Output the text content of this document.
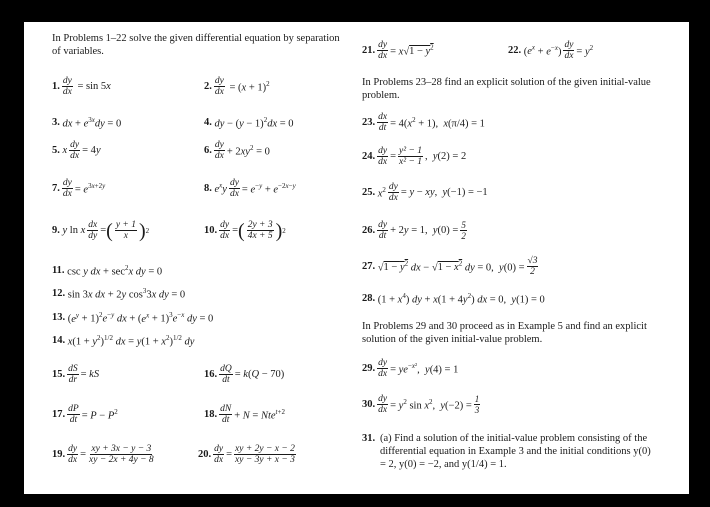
In Problems 1–22 solve the given differential equation by separation of variables.
1. $\frac{dy}{dx} = \sin 5x$	2. $\frac{dy}{dx} = (x + 1)^2$
3. dx + $e^{3x}dy = 0$	4. dy − $(y - 1)^2dx = 0$
5. x $\frac{dy}{dx} = 4y$	6. $\frac{dy}{dx} + 2xy^2 = 0$
7. $\frac{dy}{dx} = e^{3x+2y}$	8. $e^xy \frac{dy}{dx} = e^{-y} + e^{-2x-y}$
9. y ln x $\frac{dx}{dy}$ = ( $\frac{y + 1}{x}$ ) 2	10. $\frac{dy}{dx}$ = ( $\frac{2y + 3}{4x + 5}$ ) 2
11. csc y dx + $\sec^2x$ dy = 0
12. sin 3x dx + 2y $\cos^33x$ dy = 0
13. $(e^y + 1)^2e^{-y}$ dx + $(e^x + 1)^3e^{-x}$ dy = 0
14. $x(1 + y^2)^{1/2}$ dx = $y(1 + x^2)^{1/2}$ dy
15. $\frac{dS}{dr}$ = kS	16. $\frac{dQ}{dt} = k(Q - 70)$
17. $\frac{dP}{dt} = P - P^2$	18. $\frac{dN}{dt} + N = Nte^{t+2}$
19. $\frac{dy}{dx} = \frac{xy + 3x - y - 3}{xy - 2x + 4y - 8}$	20. $\frac{dy}{dx} = \frac{xy + 2y - x - 2}{xy - 3y + x - 3}$
21. $\frac{dy}{dx} = x√1 - y^2$	22. $(e^x + e^{-x}) \frac{dy}{dx} = y^2$
In Problems 23–28 find an explicit solution of the given initial-value problem.
23. $\frac{dx}{dt} = 4(x^2 + 1)$,  x(π/4) = 1
24. $\frac{dy}{dx} = \frac{\text{y² − 1}}{\text{x² − 1}}$ ,  y(2) = 2
25. $x^2 \frac{dy}{dx} = y$ − xy,  y(−1) = −1
26. $\frac{dy}{dt} + 2y = 1$,  $y(0) = \frac{5}{2}$
27. $√1 - y^2$ dx − $√1 - x^2$ dy = 0,  $y(0) = \frac{√3}{2}$
28. $(1 + x^4)$ dy + $x(1 + 4y^2)$ dx = 0,  y(1) = 0
In Problems 29 and 30 proceed as in Example 5 and find an explicit solution of the given initial-value problem.
29. $\frac{dy}{dx} = ye^{-x^2}$,  y(4) = 1
30. $\frac{dy}{dx} = y^2$ $\sin x^2$,  $y(-2) = \frac{1}{3}$
31. (a) Find a solution of the initial-value problem consisting of the differential equation in Example 3 and the initial conditions y(0) = 2, y(0) = −2, and y(1/4) = 1.
